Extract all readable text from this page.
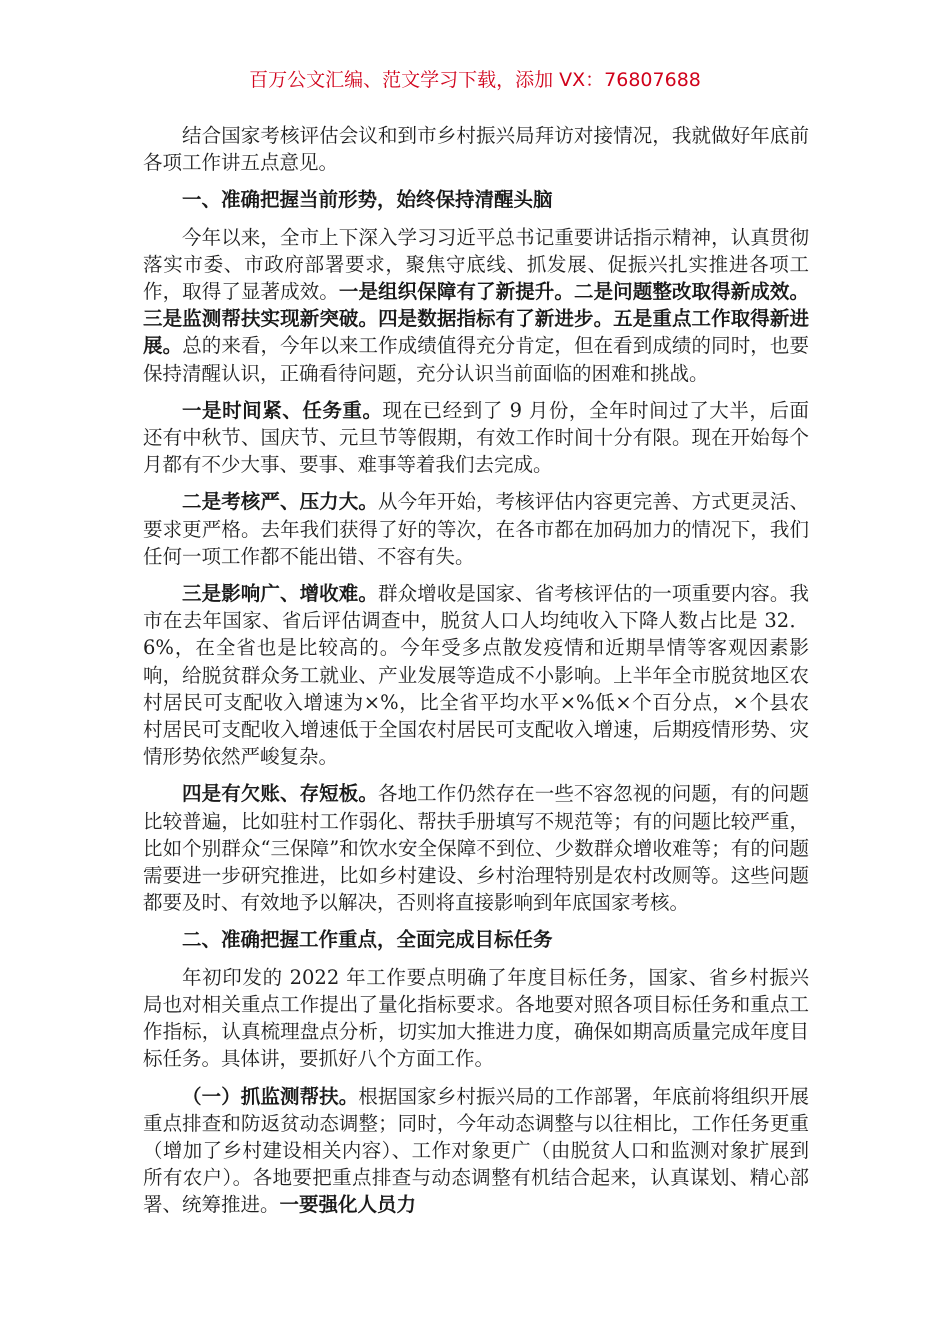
百万公文汇编、范文学习下载，添加 VX：76807688

结合国家考核评估会议和到市乡村振兴局拜访对接情况，我就做好年底前各项工作讲五点意见。

一、准确把握当前形势，始终保持清醒头脑

今年以来，全市上下深入学习习近平总书记重要讲话指示精神，认真贯彻落实市委、市政府部署要求，聚焦守底线、抓发展、促振兴扎实推进各项工作，取得了显著成效。一是组织保障有了新提升。二是问题整改取得新成效。三是监测帮扶实现新突破。四是数据指标有了新进步。五是重点工作取得新进展。总的来看，今年以来工作成绩值得充分肯定，但在看到成绩的同时，也要保持清醒认识，正确看待问题，充分认识当前面临的困难和挑战。

一是时间紧、任务重。现在已经到了 9 月份，全年时间过了大半，后面还有中秋节、国庆节、元旦节等假期，有效工作时间十分有限。现在开始每个月都有不少大事、要事、难事等着我们去完成。

二是考核严、压力大。从今年开始，考核评估内容更完善、方式更灵活、要求更严格。去年我们获得了好的等次，在各市都在加码加力的情况下，我们任何一项工作都不能出错、不容有失。

三是影响广、增收难。群众增收是国家、省考核评估的一项重要内容。我市在去年国家、省后评估调查中，脱贫人口人均纯收入下降人数占比是 32．6%，在全省也是比较高的。今年受多点散发疫情和近期旱情等客观因素影响，给脱贫群众务工就业、产业发展等造成不小影响。上半年全市脱贫地区农村居民可支配收入增速为×%，比全省平均水平×%低×个百分点，×个县农村居民可支配收入增速低于全国农村居民可支配收入增速，后期疫情形势、灾情形势依然严峻复杂。

四是有欠账、存短板。各地工作仍然存在一些不容忽视的问题，有的问题比较普遍，比如驻村工作弱化、帮扶手册填写不规范等；有的问题比较严重，比如个别群众“三保障”和饮水安全保障不到位、少数群众增收难等；有的问题需要进一步研究推进，比如乡村建设、乡村治理特别是农村改厕等。这些问题都要及时、有效地予以解决，否则将直接影响到年底国家考核。

二、准确把握工作重点，全面完成目标任务

年初印发的 2022 年工作要点明确了年度目标任务，国家、省乡村振兴局也对相关重点工作提出了量化指标要求。各地要对照各项目标任务和重点工作指标，认真梳理盘点分析，切实加大推进力度，确保如期高质量完成年度目标任务。具体讲，要抓好八个方面工作。

（一）抓监测帮扶。根据国家乡村振兴局的工作部署，年底前将组织开展重点排查和防返贫动态调整；同时，今年动态调整与以往相比，工作任务更重（增加了乡村建设相关内容）、工作对象更广（由脱贫人口和监测对象扩展到所有农户）。各地要把重点排查与动态调整有机结合起来，认真谋划、精心部署、统筹推进。一要强化人员力
